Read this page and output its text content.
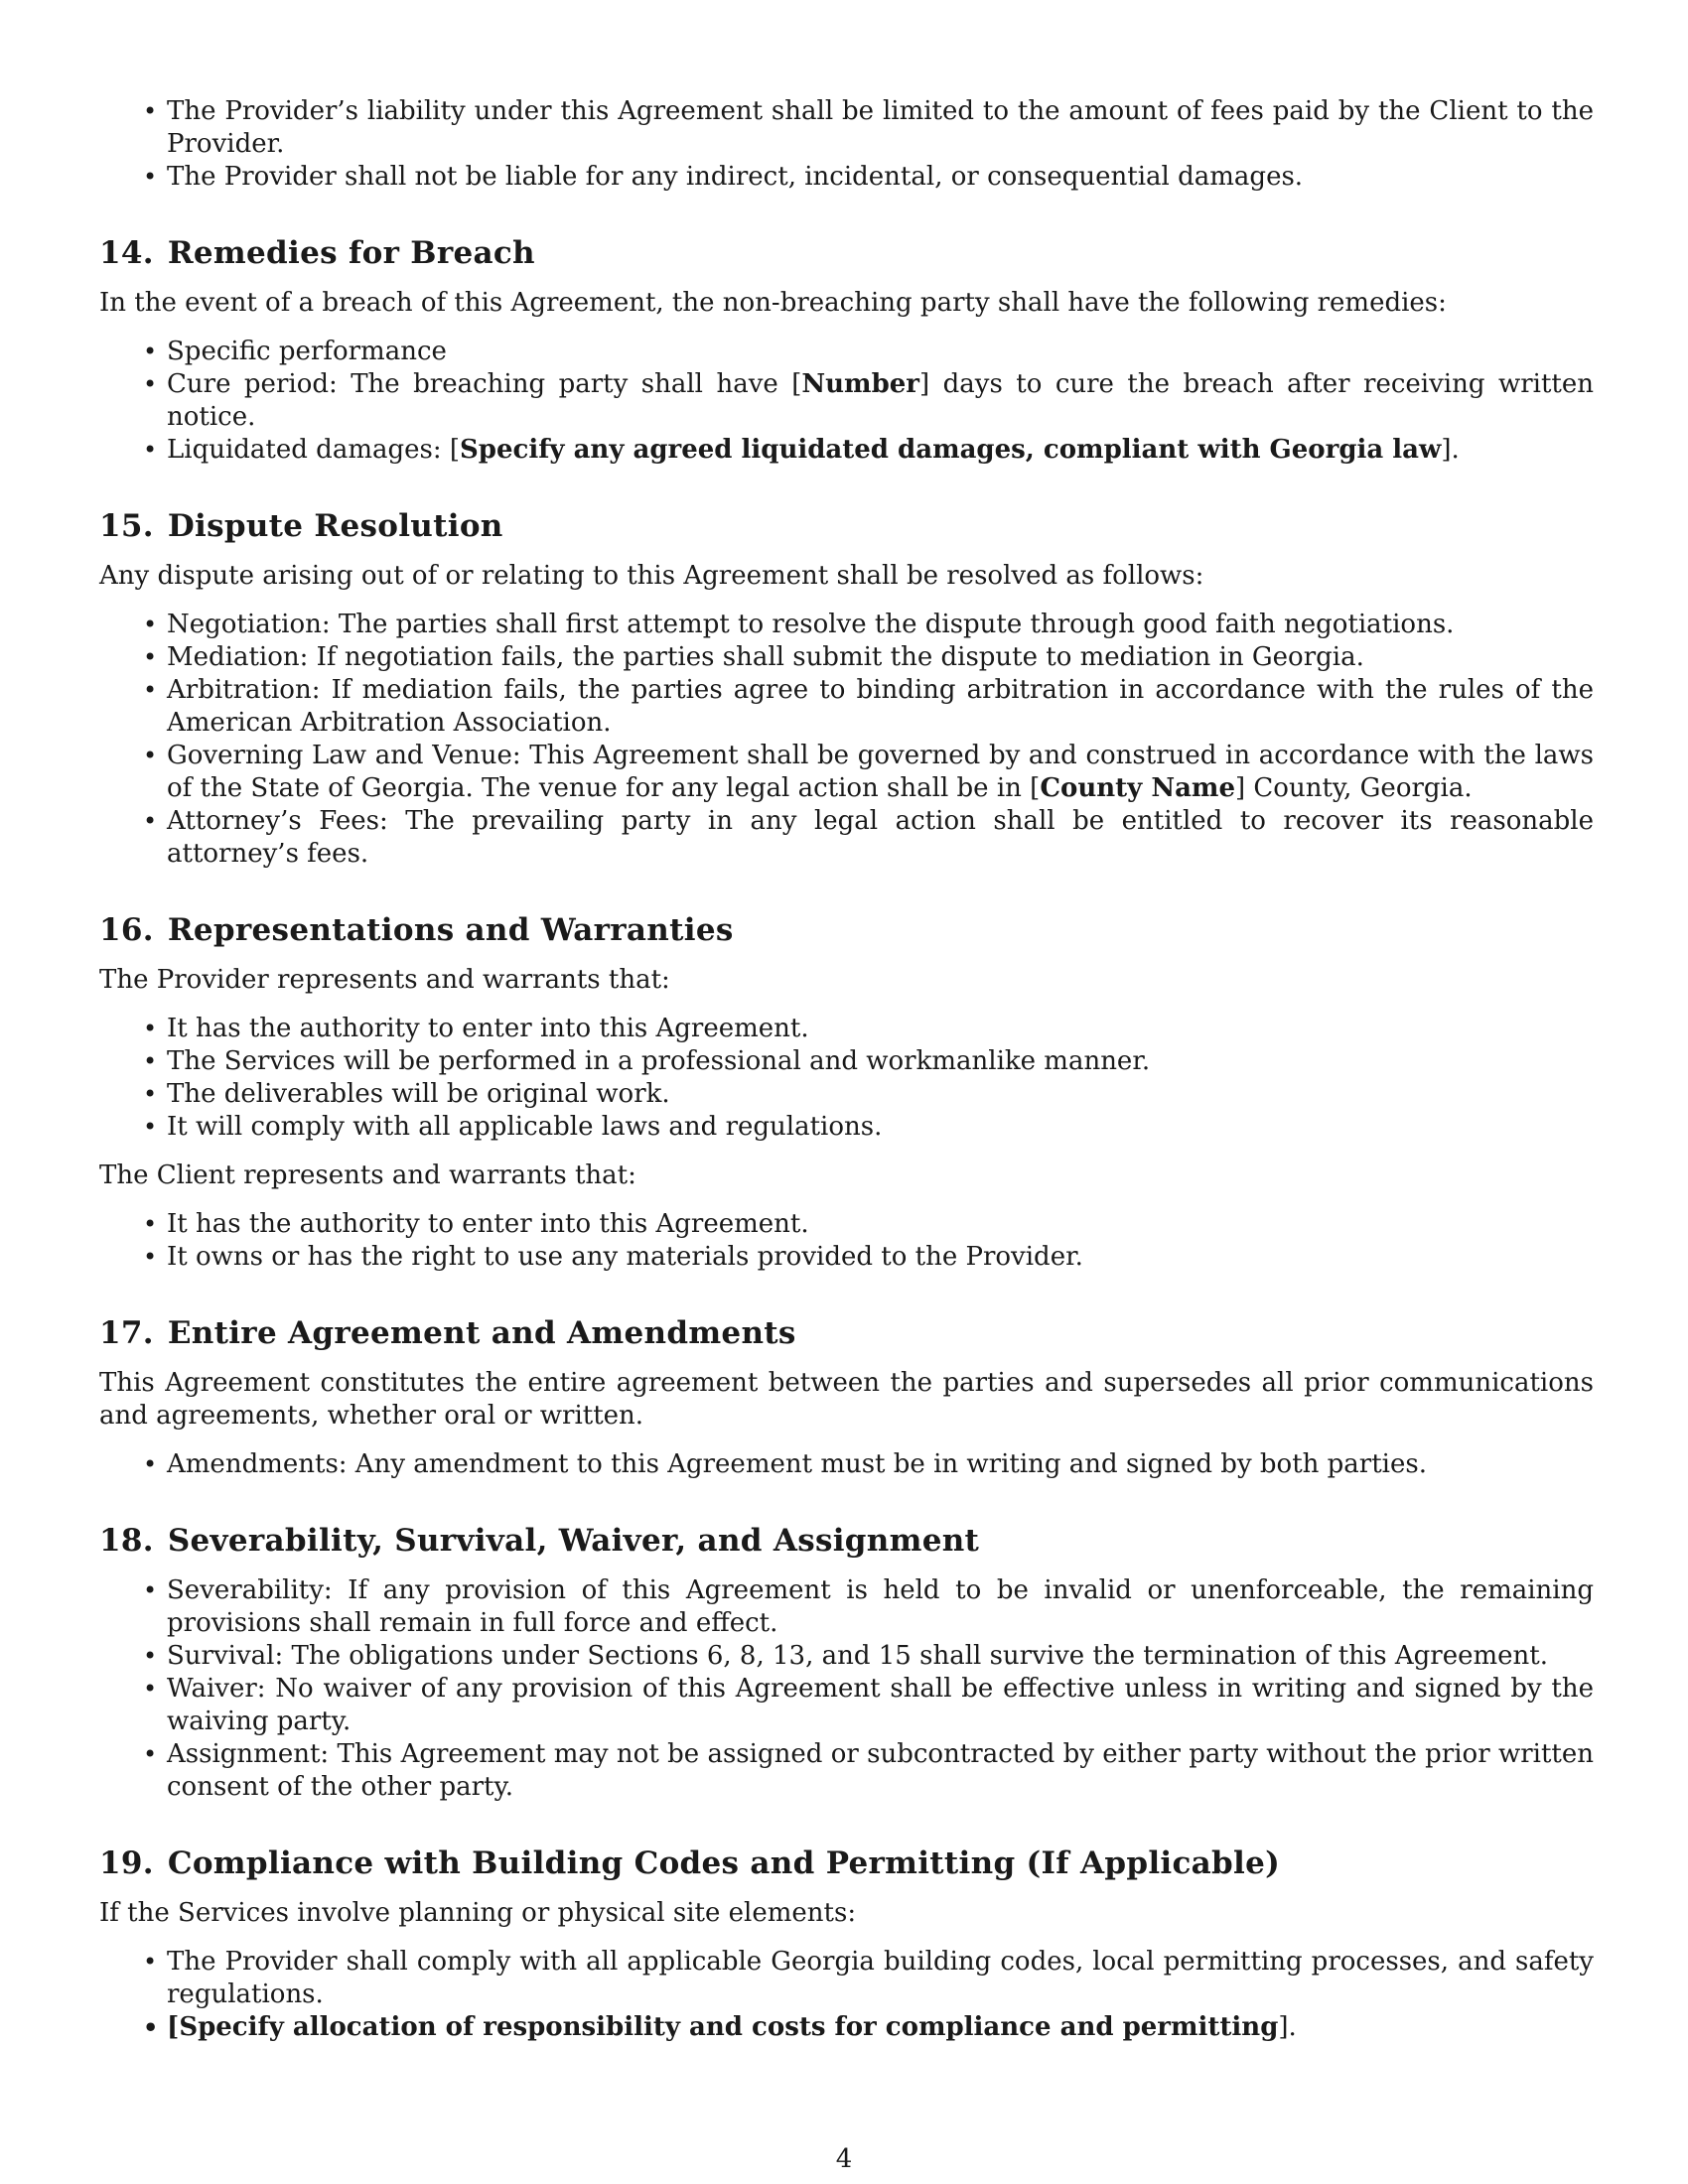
• The Provider’s liability under this Agreement shall be limited to the amount of fees paid by the Client to the Provider.
• The Provider shall not be liable for any indirect, incidental, or consequential damages.
14. Remedies for Breach

In the event of a breach of this Agreement, the non-breaching party shall have the following remedies:

• Specific performance
• Cure period: The breaching party shall have [Number] days to cure the breach after receiving written notice.
• Liquidated damages: [Specify any agreed liquidated damages, compliant with Georgia law].
15. Dispute Resolution

Any dispute arising out of or relating to this Agreement shall be resolved as follows:

• Negotiation: The parties shall first attempt to resolve the dispute through good faith negotiations.
• Mediation: If negotiation fails, the parties shall submit the dispute to mediation in Georgia.
• Arbitration: If mediation fails, the parties agree to binding arbitration in accordance with the rules of the American Arbitration Association.
• Governing Law and Venue: This Agreement shall be governed by and construed in accordance with the laws of the State of Georgia. The venue for any legal action shall be in [County Name] County, Georgia.
• Attorney’s Fees: The prevailing party in any legal action shall be entitled to recover its reasonable attorney’s fees.
16. Representations and Warranties

The Provider represents and warrants that:

• It has the authority to enter into this Agreement.
• The Services will be performed in a professional and workmanlike manner.
• The deliverables will be original work.
• It will comply with all applicable laws and regulations.

The Client represents and warrants that:

• It has the authority to enter into this Agreement.
• It owns or has the right to use any materials provided to the Provider.
17. Entire Agreement and Amendments

This Agreement constitutes the entire agreement between the parties and supersedes all prior communications and agreements, whether oral or written.

• Amendments: Any amendment to this Agreement must be in writing and signed by both parties.
18. Severability, Survival, Waiver, and Assignment
• Severability: If any provision of this Agreement is held to be invalid or unenforceable, the remaining provisions shall remain in full force and effect.
• Survival: The obligations under Sections 6, 8, 13, and 15 shall survive the termination of this Agreement.
• Waiver: No waiver of any provision of this Agreement shall be effective unless in writing and signed by the waiving party.
• Assignment: This Agreement may not be assigned or subcontracted by either party without the prior written consent of the other party.
19. Compliance with Building Codes and Permitting (If Applicable)

If the Services involve planning or physical site elements:

• The Provider shall comply with all applicable Georgia building codes, local permitting processes, and safety regulations.
• [Specify allocation of responsibility and costs for compliance and permitting].
4
